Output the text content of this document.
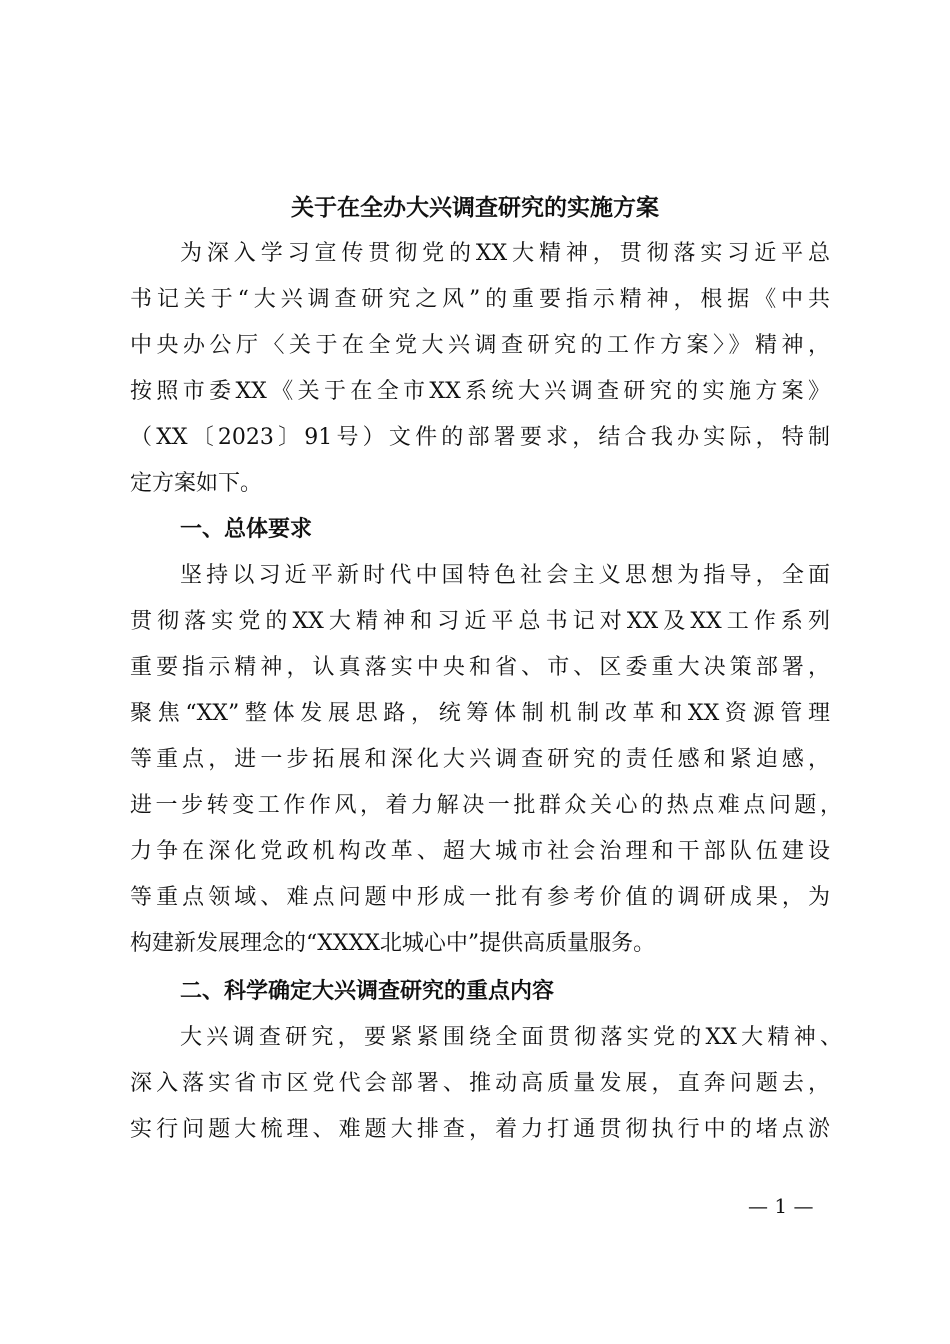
关于在全办大兴调查研究的实施方案
为深入学习宣传贯彻党的XX大精神，贯彻落实习近平总
书记关于“大兴调查研究之风”的重要指示精神，根据《中共
中央办公厅〈关于在全党大兴调查研究的工作方案〉》精神，
按照市委XX《关于在全市XX系统大兴调查研究的实施方案》
（XX〔2023〕91号）文件的部署要求，结合我办实际，特制
定方案如下。
一、总体要求
坚持以习近平新时代中国特色社会主义思想为指导，全面
贯彻落实党的XX大精神和习近平总书记对XX及XX工作系列
重要指示精神，认真落实中央和省、市、区委重大决策部署，
聚焦“XX”整体发展思路，统筹体制机制改革和XX资源管理
等重点，进一步拓展和深化大兴调查研究的责任感和紧迫感，
进一步转变工作作风，着力解决一批群众关心的热点难点问题，
力争在深化党政机构改革、超大城市社会治理和干部队伍建设
等重点领域、难点问题中形成一批有参考价值的调研成果，为
构建新发展理念的“XXXX北城心中”提供高质量服务。
二、科学确定大兴调查研究的重点内容
大兴调查研究，要紧紧围绕全面贯彻落实党的XX大精神、
深入落实省市区党代会部署、推动高质量发展，直奔问题去，
实行问题大梳理、难题大排查，着力打通贯彻执行中的堵点淤
— 1 —
